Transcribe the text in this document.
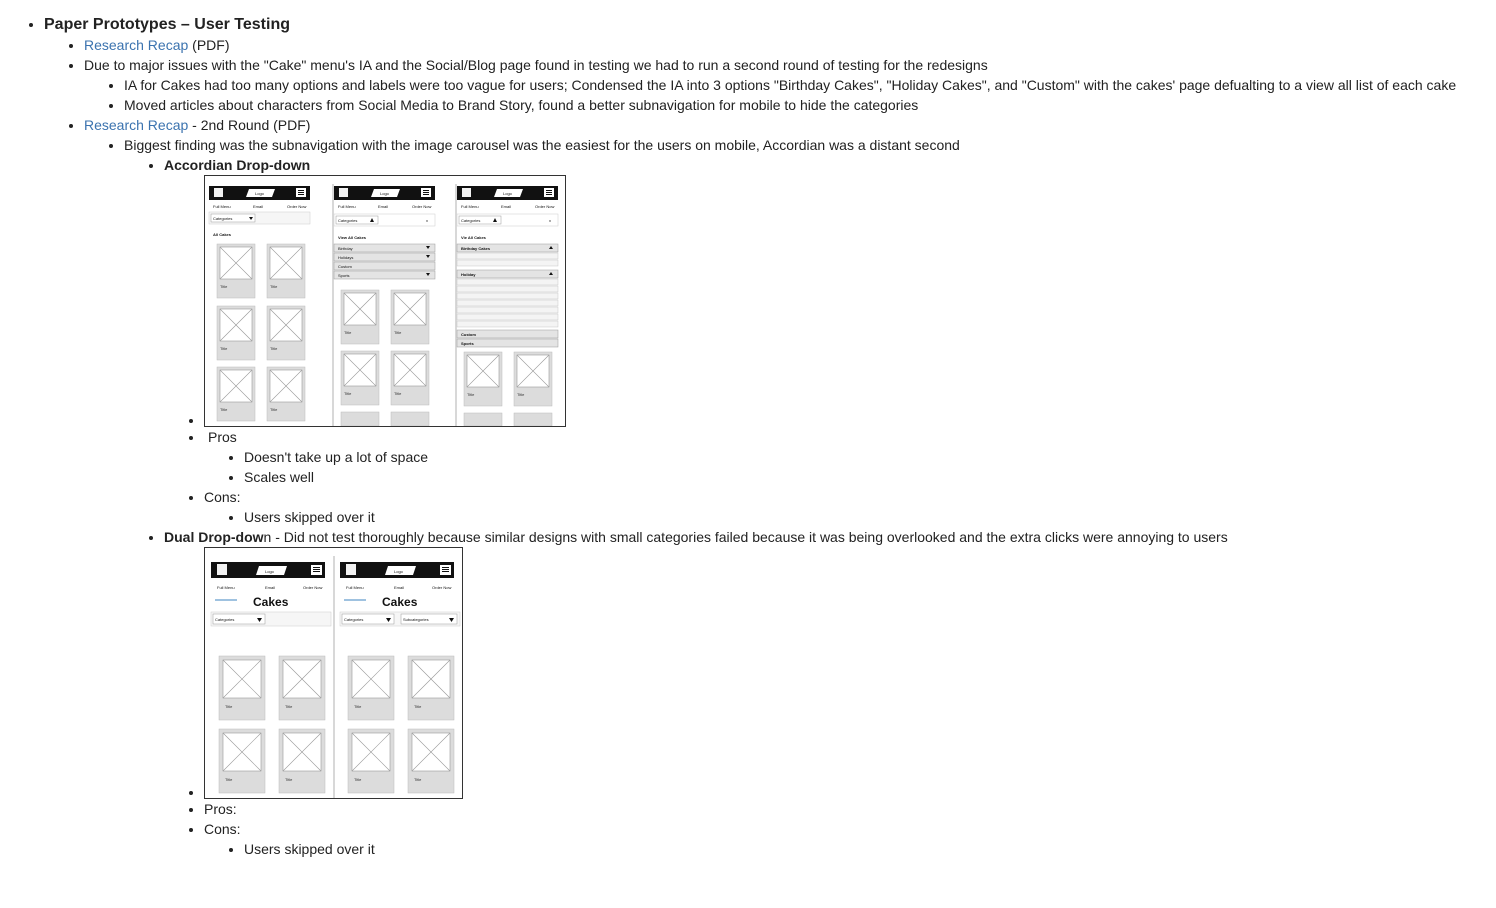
• Paper Prototypes – User Testing
• Research Recap (PDF)
• Due to major issues with the "Cake" menu's IA and the Social/Blog page found in testing we had to run a second round of testing for the redesigns
• IA for Cakes had too many options and labels were too vague for users; Condensed the IA into 3 options "Birthday Cakes", "Holiday Cakes", and "Custom" with the cakes' page defualting to a view all list of each cake
• Moved articles about characters from Social Media to Brand Story, found a better subnavigation for mobile to hide the categories
• Research Recap - 2nd Round (PDF)
• Biggest finding was the subnavigation with the image carousel was the easiest for the users on mobile, Accordian was a distant second
• Accordian Drop-down
• Logo
Full Menu	Email	Order Now
Categories
All Cakes
Title	Title
Title	Title
Title	Title
Logo
Full Menu	Email	Order Now
Categories	x
View All Cakes
Birthday
Holidays
Custom
Sports
Title	Title
Title	Title
Logo
Full Menu	Email	Order Now
Categories	x
Vie All Cakes
Birthday Cakes
Holiday
Custom
Sports
Title	Title
• Pros
• Doesn't take up a lot of space
• Scales well
• Cons:
• Users skipped over it
• Dual Drop-down - Did not test thoroughly because similar designs with small categories failed because it was being overlooked and the extra clicks were annoying to users
• Logo
Full Menu	Email	Order Now
Cakes
Categories
Title	Title
Title	Title
Logo
Full Menu	Email	Order Now
Cakes
Categories	Subcategories
Title	Title
Title	Title
• Pros:
• Cons:
• Users skipped over it
